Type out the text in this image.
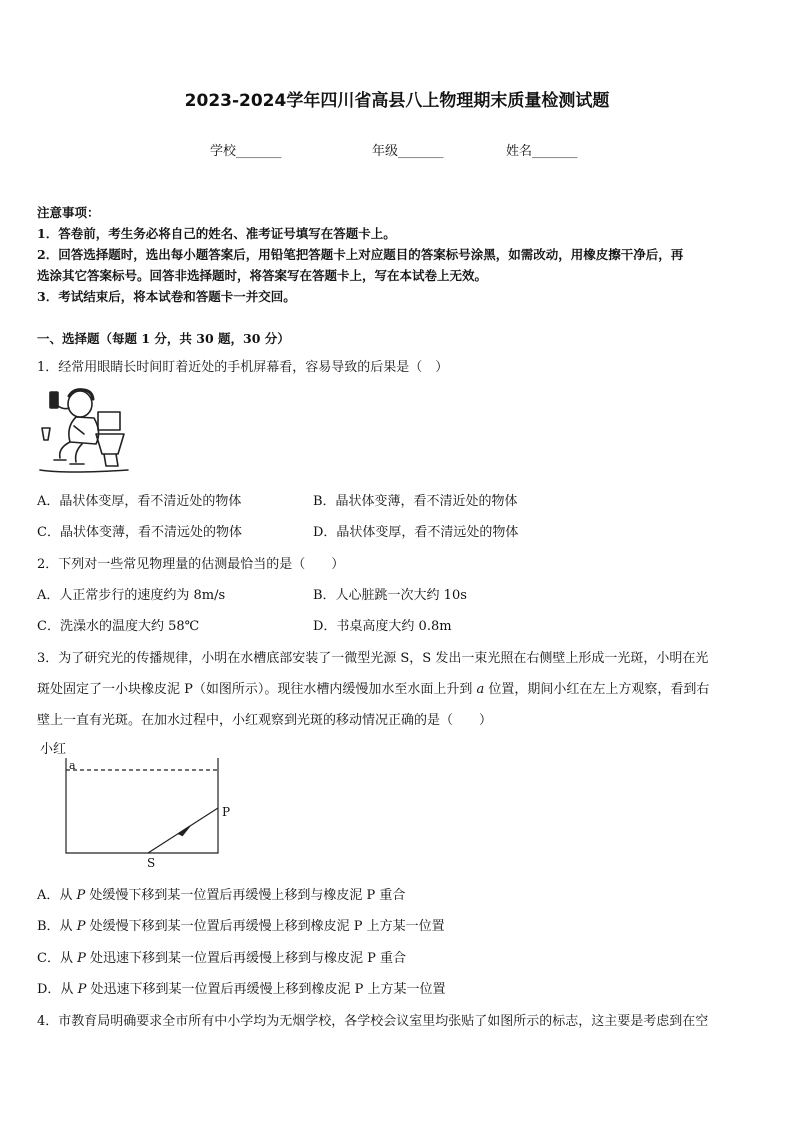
2023-2024学年四川省高县八上物理期末质量检测试题
学校_______	年级_______	姓名_______
注意事项：
1．答卷前，考生务必将自己的姓名、准考证号填写在答题卡上。
2．回答选择题时，选出每小题答案后，用铅笔把答题卡上对应题目的答案标号涂黑，如需改动，用橡皮擦干净后，再
选涂其它答案标号。回答非选择题时，将答案写在答题卡上，写在本试卷上无效。
3．考试结束后，将本试卷和答题卡一并交回。
一、选择题（每题 1 分，共 30 题，30 分）
1．经常用眼睛长时间盯着近处的手机屏幕看，容易导致的后果是（　）
A．晶状体变厚，看不清近处的物体	B．晶状体变薄，看不清近处的物体
C．晶状体变薄，看不清远处的物体	D．晶状体变厚，看不清远处的物体
2．下列对一些常见物理量的估测最恰当的是（　　）
A．人正常步行的速度约为 8m/s	B．人心脏跳一次大约 10s
C．洗澡水的温度大约 58℃	D．书桌高度大约 0.8m
3．为了研究光的传播规律，小明在水槽底部安装了一微型光源 S，S 发出一束光照在右侧壁上形成一光斑，小明在光
斑处固定了一小块橡皮泥 P（如图所示）。现往水槽内缓慢加水至水面上升到 a 位置，期间小红在左上方观察，看到右
壁上一直有光斑。在加水过程中，小红观察到光斑的移动情况正确的是（　　）
小红
a
P
S
A．从 P 处缓慢下移到某一位置后再缓慢上移到与橡皮泥 P 重合
B．从 P 处缓慢下移到某一位置后再缓慢上移到橡皮泥 P 上方某一位置
C．从 P 处迅速下移到某一位置后再缓慢上移到与橡皮泥 P 重合
D．从 P 处迅速下移到某一位置后再缓慢上移到橡皮泥 P 上方某一位置
4．市教育局明确要求全市所有中小学均为无烟学校，各学校会议室里均张贴了如图所示的标志，这主要是考虑到在空
